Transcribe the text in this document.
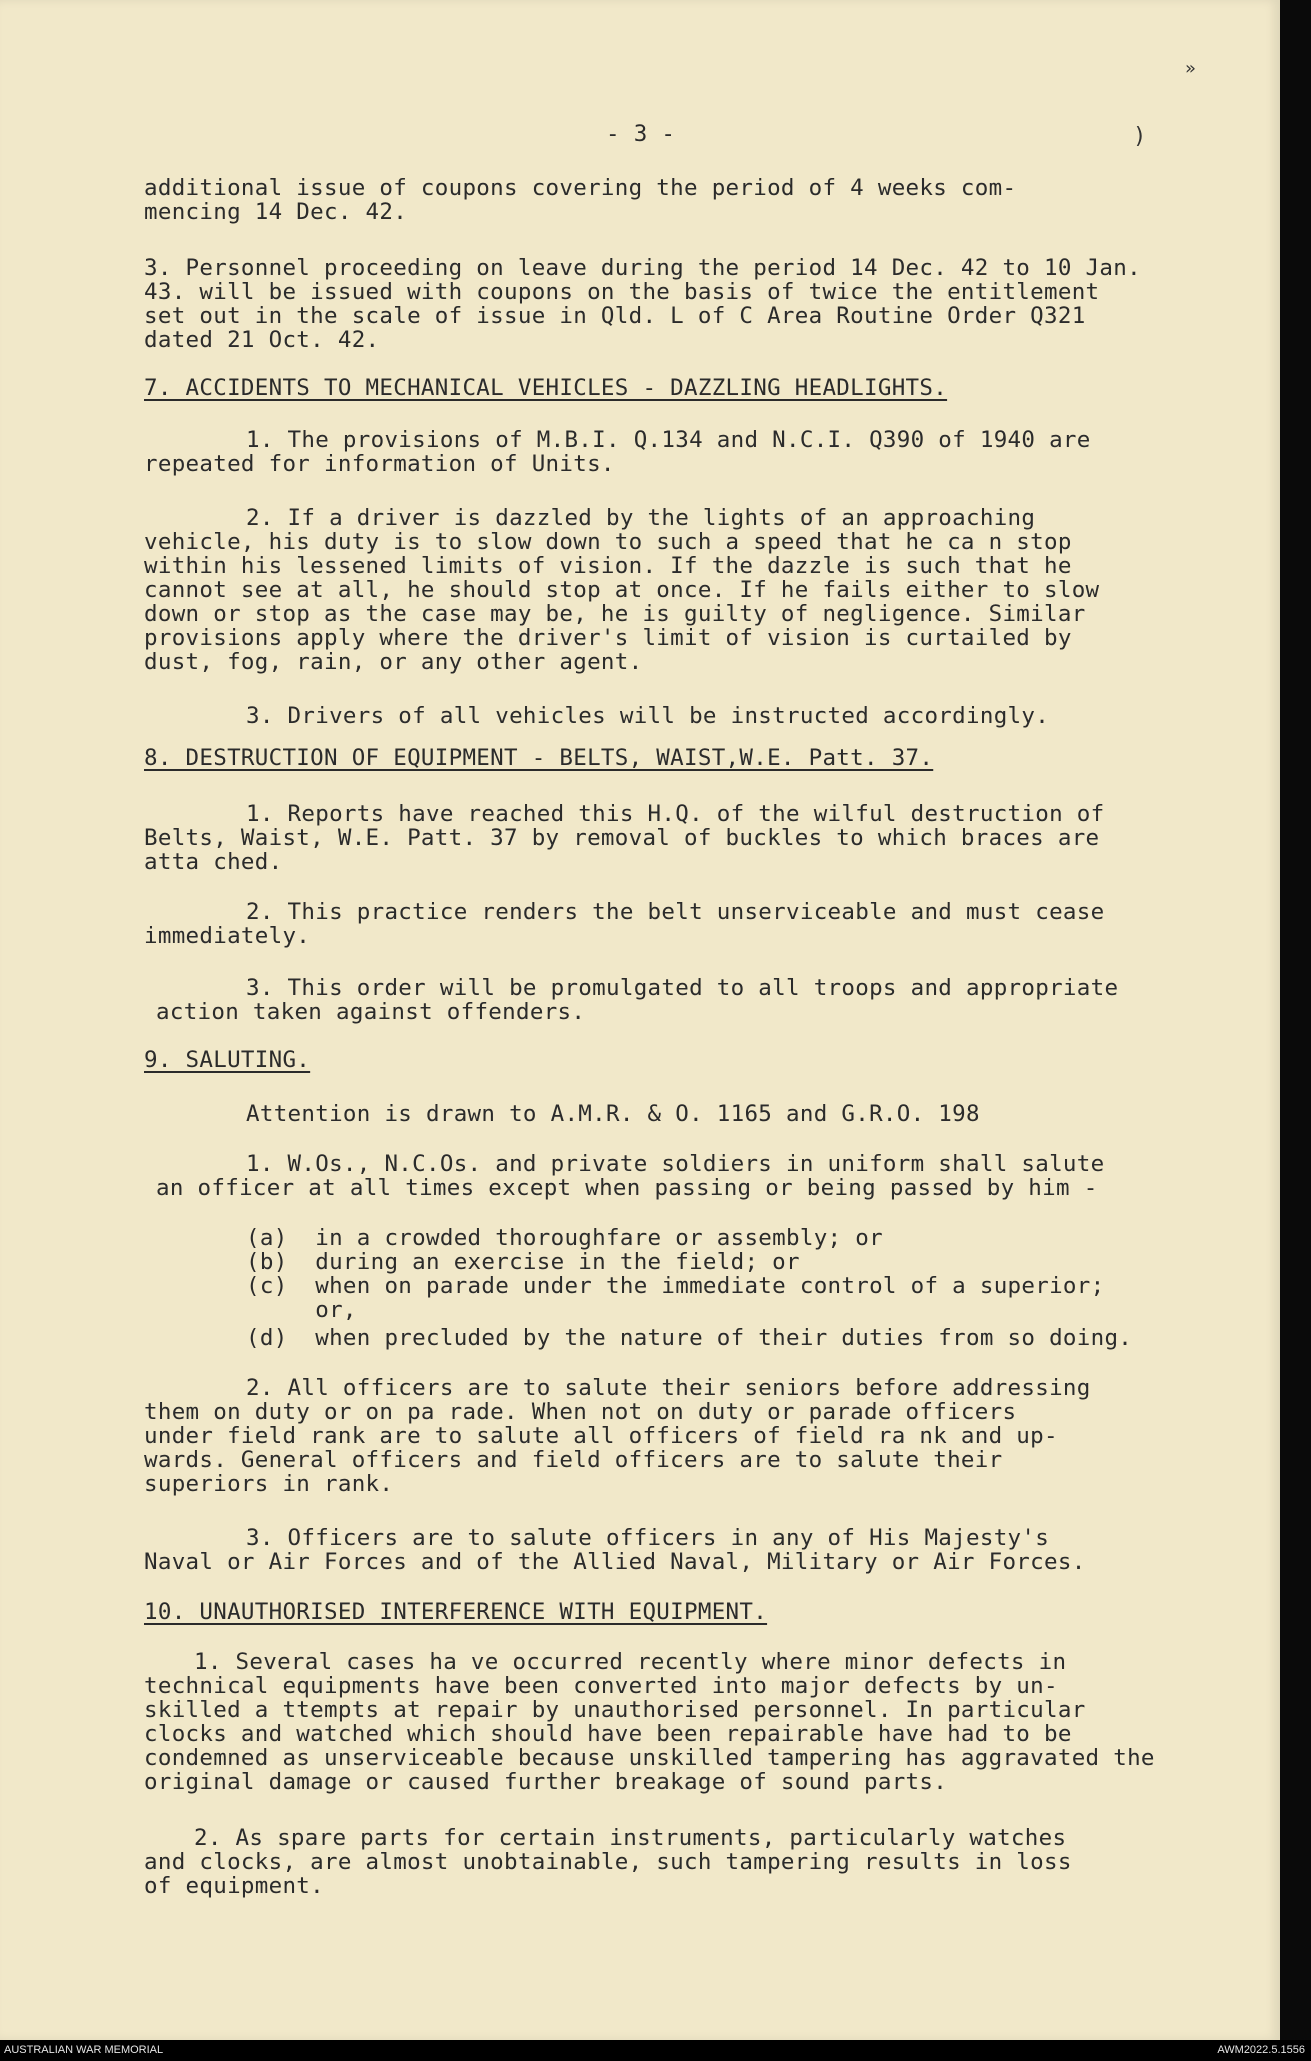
- 3 -
»
)
additional issue of coupons covering the period of 4 weeks com-
mencing 14 Dec. 42.
3. Personnel proceeding on leave during the period 14 Dec. 42 to 10 Jan.
43. will be issued with coupons on the basis of twice the entitlement
set out in the scale of issue in Qld. L of C Area Routine Order Q321
dated 21 Oct. 42.
7. ACCIDENTS TO MECHANICAL VEHICLES - DAZZLING HEADLIGHTS.
1. The provisions of M.B.I. Q.134 and N.C.I. Q390 of 1940 are
repeated for information of Units.
2. If a driver is dazzled by the lights of an approaching
vehicle, his duty is to slow down to such a speed that he ca n stop
within his lessened limits of vision. If the dazzle is such that he
cannot see at all, he should stop at once. If he fails either to slow
down or stop as the case may be, he is guilty of negligence. Similar
provisions apply where the driver's limit of vision is curtailed by
dust, fog, rain, or any other agent.
3. Drivers of all vehicles will be instructed accordingly.
8. DESTRUCTION OF EQUIPMENT - BELTS, WAIST,W.E. Patt. 37.
1. Reports have reached this H.Q. of the wilful destruction of
Belts, Waist, W.E. Patt. 37 by removal of buckles to which braces are
atta ched.
2. This practice renders the belt unserviceable and must cease
immediately.
3. This order will be promulgated to all troops and appropriate
action taken against offenders.
9. SALUTING.
Attention is drawn to A.M.R. & O. 1165 and G.R.O. 198
1. W.Os., N.C.Os. and private soldiers in uniform shall salute
an officer at all times except when passing or being passed by him -
(a)  in a crowded thoroughfare or assembly; or
(b)  during an exercise in the field; or
(c)  when on parade under the immediate control of a superior;
or,
(d)  when precluded by the nature of their duties from so doing.
2. All officers are to salute their seniors before addressing
them on duty or on pa rade. When not on duty or parade officers
under field rank are to salute all officers of field ra nk and up-
wards. General officers and field officers are to salute their
superiors in rank.
3. Officers are to salute officers in any of His Majesty's
Naval or Air Forces and of the Allied Naval, Military or Air Forces.
10. UNAUTHORISED INTERFERENCE WITH EQUIPMENT.
1. Several cases ha ve occurred recently where minor defects in
technical equipments have been converted into major defects by un-
skilled a ttempts at repair by unauthorised personnel. In particular
clocks and watched which should have been repairable have had to be
condemned as unserviceable because unskilled tampering has aggravated the
original damage or caused further breakage of sound parts.
2. As spare parts for certain instruments, particularly watches
and clocks, are almost unobtainable, such tampering results in loss
of equipment.
AUSTRALIAN WAR MEMORIAL	AWM2022.5.1556
